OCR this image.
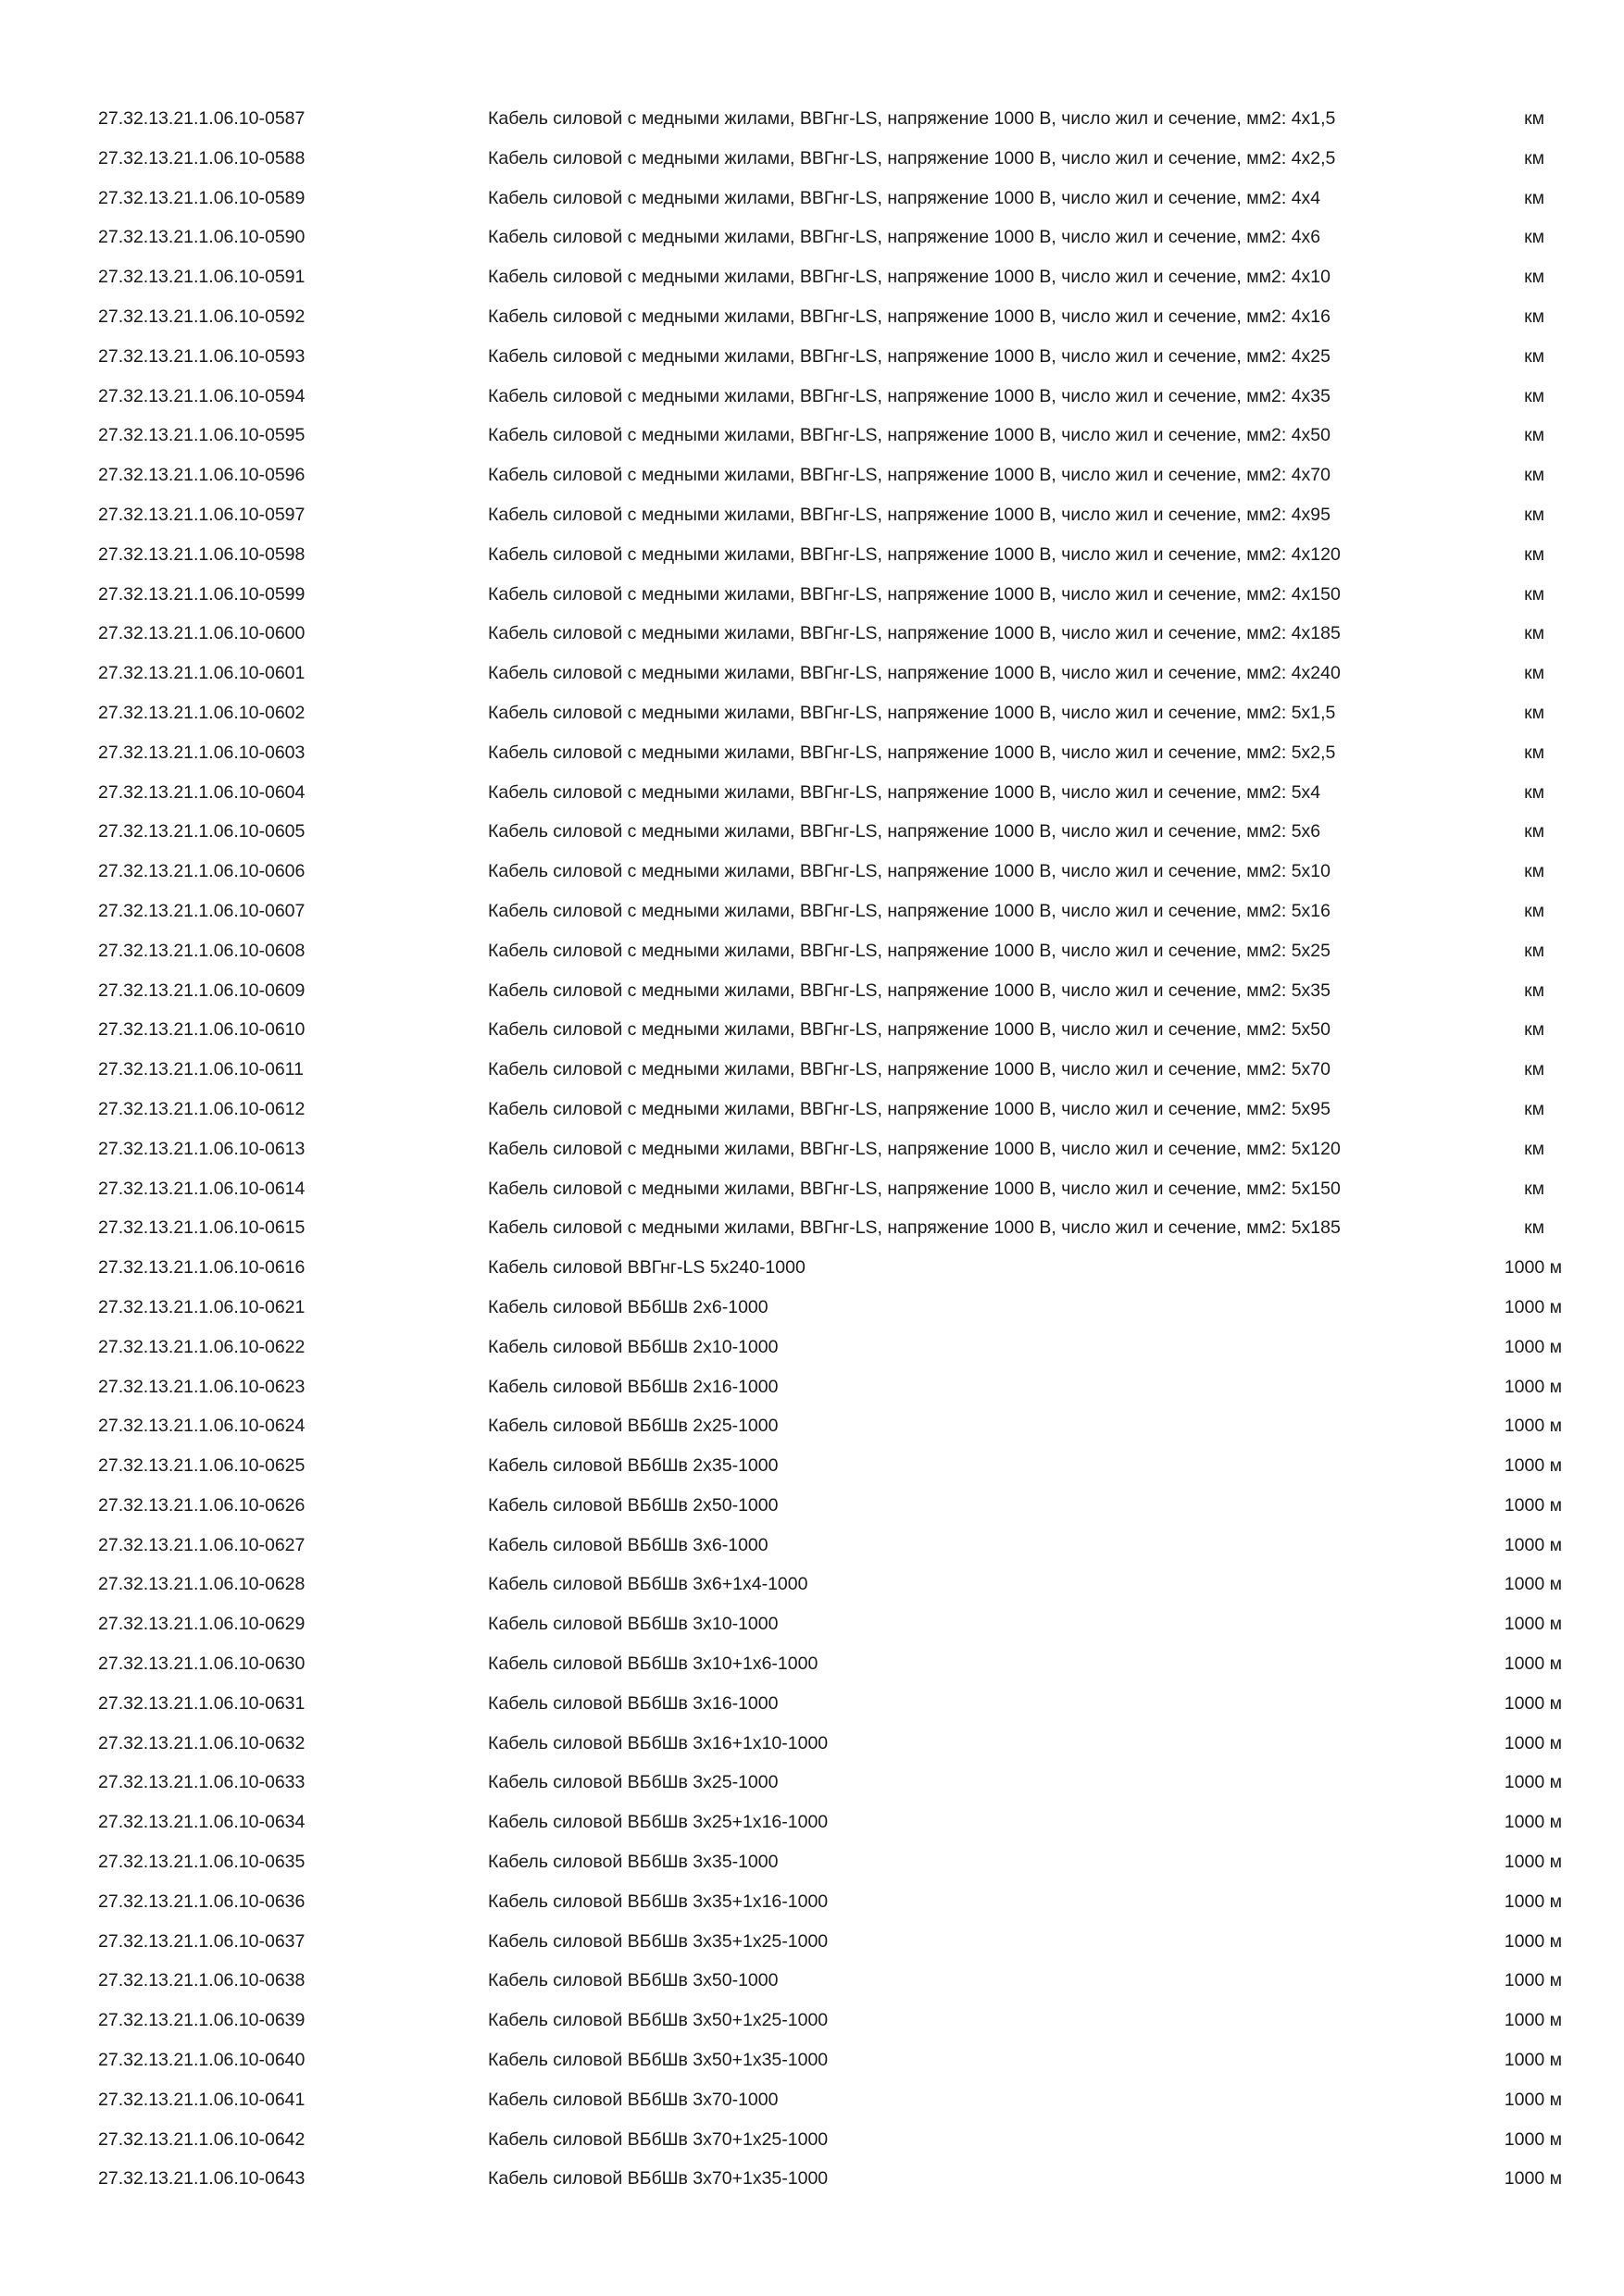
27.32.13.21.1.06.10-0587	Кабель силовой с медными жилами, ВВГнг-LS, напряжение 1000 В, число жил и сечение, мм2: 4х1,5	км
27.32.13.21.1.06.10-0588	Кабель силовой с медными жилами, ВВГнг-LS, напряжение 1000 В, число жил и сечение, мм2: 4х2,5	км
27.32.13.21.1.06.10-0589	Кабель силовой с медными жилами, ВВГнг-LS, напряжение 1000 В, число жил и сечение, мм2: 4х4	км
27.32.13.21.1.06.10-0590	Кабель силовой с медными жилами, ВВГнг-LS, напряжение 1000 В, число жил и сечение, мм2: 4х6	км
27.32.13.21.1.06.10-0591	Кабель силовой с медными жилами, ВВГнг-LS, напряжение 1000 В, число жил и сечение, мм2: 4х10	км
27.32.13.21.1.06.10-0592	Кабель силовой с медными жилами, ВВГнг-LS, напряжение 1000 В, число жил и сечение, мм2: 4х16	км
27.32.13.21.1.06.10-0593	Кабель силовой с медными жилами, ВВГнг-LS, напряжение 1000 В, число жил и сечение, мм2: 4х25	км
27.32.13.21.1.06.10-0594	Кабель силовой с медными жилами, ВВГнг-LS, напряжение 1000 В, число жил и сечение, мм2: 4х35	км
27.32.13.21.1.06.10-0595	Кабель силовой с медными жилами, ВВГнг-LS, напряжение 1000 В, число жил и сечение, мм2: 4х50	км
27.32.13.21.1.06.10-0596	Кабель силовой с медными жилами, ВВГнг-LS, напряжение 1000 В, число жил и сечение, мм2: 4х70	км
27.32.13.21.1.06.10-0597	Кабель силовой с медными жилами, ВВГнг-LS, напряжение 1000 В, число жил и сечение, мм2: 4х95	км
27.32.13.21.1.06.10-0598	Кабель силовой с медными жилами, ВВГнг-LS, напряжение 1000 В, число жил и сечение, мм2: 4х120	км
27.32.13.21.1.06.10-0599	Кабель силовой с медными жилами, ВВГнг-LS, напряжение 1000 В, число жил и сечение, мм2: 4х150	км
27.32.13.21.1.06.10-0600	Кабель силовой с медными жилами, ВВГнг-LS, напряжение 1000 В, число жил и сечение, мм2: 4х185	км
27.32.13.21.1.06.10-0601	Кабель силовой с медными жилами, ВВГнг-LS, напряжение 1000 В, число жил и сечение, мм2: 4х240	км
27.32.13.21.1.06.10-0602	Кабель силовой с медными жилами, ВВГнг-LS, напряжение 1000 В, число жил и сечение, мм2: 5х1,5	км
27.32.13.21.1.06.10-0603	Кабель силовой с медными жилами, ВВГнг-LS, напряжение 1000 В, число жил и сечение, мм2: 5х2,5	км
27.32.13.21.1.06.10-0604	Кабель силовой с медными жилами, ВВГнг-LS, напряжение 1000 В, число жил и сечение, мм2: 5х4	км
27.32.13.21.1.06.10-0605	Кабель силовой с медными жилами, ВВГнг-LS, напряжение 1000 В, число жил и сечение, мм2: 5х6	км
27.32.13.21.1.06.10-0606	Кабель силовой с медными жилами, ВВГнг-LS, напряжение 1000 В, число жил и сечение, мм2: 5х10	км
27.32.13.21.1.06.10-0607	Кабель силовой с медными жилами, ВВГнг-LS, напряжение 1000 В, число жил и сечение, мм2: 5х16	км
27.32.13.21.1.06.10-0608	Кабель силовой с медными жилами, ВВГнг-LS, напряжение 1000 В, число жил и сечение, мм2: 5х25	км
27.32.13.21.1.06.10-0609	Кабель силовой с медными жилами, ВВГнг-LS, напряжение 1000 В, число жил и сечение, мм2: 5х35	км
27.32.13.21.1.06.10-0610	Кабель силовой с медными жилами, ВВГнг-LS, напряжение 1000 В, число жил и сечение, мм2: 5х50	км
27.32.13.21.1.06.10-0611	Кабель силовой с медными жилами, ВВГнг-LS, напряжение 1000 В, число жил и сечение, мм2: 5х70	км
27.32.13.21.1.06.10-0612	Кабель силовой с медными жилами, ВВГнг-LS, напряжение 1000 В, число жил и сечение, мм2: 5х95	км
27.32.13.21.1.06.10-0613	Кабель силовой с медными жилами, ВВГнг-LS, напряжение 1000 В, число жил и сечение, мм2: 5х120	км
27.32.13.21.1.06.10-0614	Кабель силовой с медными жилами, ВВГнг-LS, напряжение 1000 В, число жил и сечение, мм2: 5х150	км
27.32.13.21.1.06.10-0615	Кабель силовой с медными жилами, ВВГнг-LS, напряжение 1000 В, число жил и сечение, мм2: 5х185	км
27.32.13.21.1.06.10-0616	Кабель силовой ВВГнг-LS 5х240-1000	1000 м
27.32.13.21.1.06.10-0621	Кабель силовой ВБбШв 2х6-1000	1000 м
27.32.13.21.1.06.10-0622	Кабель силовой ВБбШв 2х10-1000	1000 м
27.32.13.21.1.06.10-0623	Кабель силовой ВБбШв 2х16-1000	1000 м
27.32.13.21.1.06.10-0624	Кабель силовой ВБбШв 2х25-1000	1000 м
27.32.13.21.1.06.10-0625	Кабель силовой ВБбШв 2х35-1000	1000 м
27.32.13.21.1.06.10-0626	Кабель силовой ВБбШв 2х50-1000	1000 м
27.32.13.21.1.06.10-0627	Кабель силовой ВБбШв 3х6-1000	1000 м
27.32.13.21.1.06.10-0628	Кабель силовой ВБбШв 3х6+1х4-1000	1000 м
27.32.13.21.1.06.10-0629	Кабель силовой ВБбШв 3х10-1000	1000 м
27.32.13.21.1.06.10-0630	Кабель силовой ВБбШв 3х10+1х6-1000	1000 м
27.32.13.21.1.06.10-0631	Кабель силовой ВБбШв 3х16-1000	1000 м
27.32.13.21.1.06.10-0632	Кабель силовой ВБбШв 3х16+1х10-1000	1000 м
27.32.13.21.1.06.10-0633	Кабель силовой ВБбШв 3х25-1000	1000 м
27.32.13.21.1.06.10-0634	Кабель силовой ВБбШв 3х25+1х16-1000	1000 м
27.32.13.21.1.06.10-0635	Кабель силовой ВБбШв 3х35-1000	1000 м
27.32.13.21.1.06.10-0636	Кабель силовой ВБбШв 3х35+1х16-1000	1000 м
27.32.13.21.1.06.10-0637	Кабель силовой ВБбШв 3х35+1х25-1000	1000 м
27.32.13.21.1.06.10-0638	Кабель силовой ВБбШв 3х50-1000	1000 м
27.32.13.21.1.06.10-0639	Кабель силовой ВБбШв 3х50+1х25-1000	1000 м
27.32.13.21.1.06.10-0640	Кабель силовой ВБбШв 3х50+1х35-1000	1000 м
27.32.13.21.1.06.10-0641	Кабель силовой ВБбШв 3х70-1000	1000 м
27.32.13.21.1.06.10-0642	Кабель силовой ВБбШв 3х70+1х25-1000	1000 м
27.32.13.21.1.06.10-0643	Кабель силовой ВБбШв 3х70+1х35-1000	1000 м
